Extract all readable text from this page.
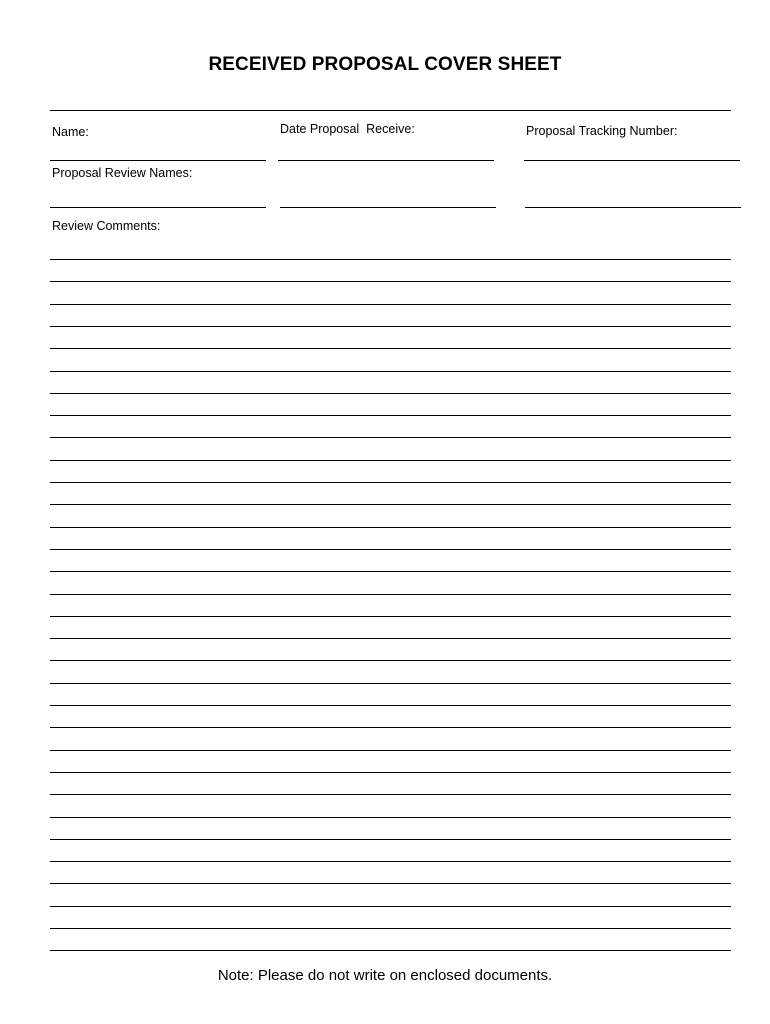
RECEIVED PROPOSAL COVER SHEET
Name:	Date Proposal  Receive:	Proposal Tracking Number:
Proposal Review Names:
Review Comments:
Note: Please do not write on enclosed documents.
